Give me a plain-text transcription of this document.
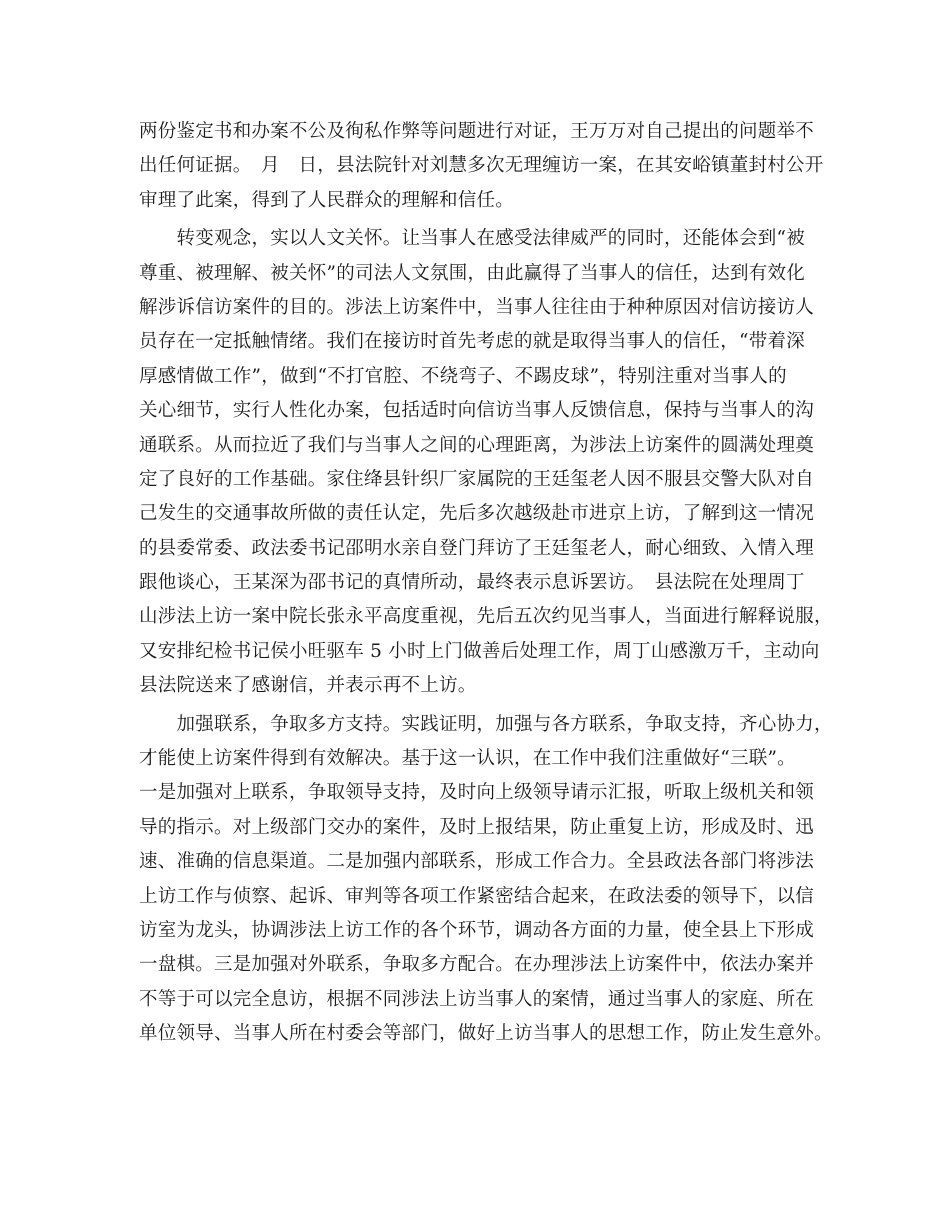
两份鉴定书和办案不公及徇私作弊等问题进行对证，王万万对自己提出的问题举不
出任何证据。　月　日，县法院针对刘慧多次无理缠访一案，在其安峪镇董封村公开
审理了此案，得到了人民群众的理解和信任。
　　转变观念，实以人文关怀。让当事人在感受法律威严的同时，还能体会到“被
尊重、被理解、被关怀”的司法人文氛围，由此赢得了当事人的信任，达到有效化
解涉诉信访案件的目的。涉法上访案件中，当事人往往由于种种原因对信访接访人
员存在一定抵触情绪。我们在接访时首先考虑的就是取得当事人的信任，“带着深
厚感情做工作”，做到“不打官腔、不绕弯子、不踢皮球”，特别注重对当事人的
关心细节，实行人性化办案，包括适时向信访当事人反馈信息，保持与当事人的沟
通联系。从而拉近了我们与当事人之间的心理距离，为涉法上访案件的圆满处理奠
定了良好的工作基础。家住绛县针织厂家属院的王廷玺老人因不服县交警大队对自
己发生的交通事故所做的责任认定，先后多次越级赴市进京上访，了解到这一情况
的县委常委、政法委书记邵明水亲自登门拜访了王廷玺老人，耐心细致、入情入理
跟他谈心，王某深为邵书记的真情所动，最终表示息诉罢访。　县法院在处理周丁
山涉法上访一案中院长张永平高度重视，先后五次约见当事人，当面进行解释说服，
又安排纪检书记侯小旺驱车 5 小时上门做善后处理工作，周丁山感激万千，主动向
县法院送来了感谢信，并表示再不上访。
　　加强联系，争取多方支持。实践证明，加强与各方联系，争取支持，齐心协力，
才能使上访案件得到有效解决。基于这一认识，在工作中我们注重做好“三联”。
一是加强对上联系，争取领导支持，及时向上级领导请示汇报，听取上级机关和领
导的指示。对上级部门交办的案件，及时上报结果，防止重复上访，形成及时、迅
速、准确的信息渠道。二是加强内部联系，形成工作合力。全县政法各部门将涉法
上访工作与侦察、起诉、审判等各项工作紧密结合起来，在政法委的领导下，以信
访室为龙头，协调涉法上访工作的各个环节，调动各方面的力量，使全县上下形成
一盘棋。三是加强对外联系，争取多方配合。在办理涉法上访案件中，依法办案并
不等于可以完全息访，根据不同涉法上访当事人的案情，通过当事人的家庭、所在
单位领导、当事人所在村委会等部门，做好上访当事人的思想工作，防止发生意外。
